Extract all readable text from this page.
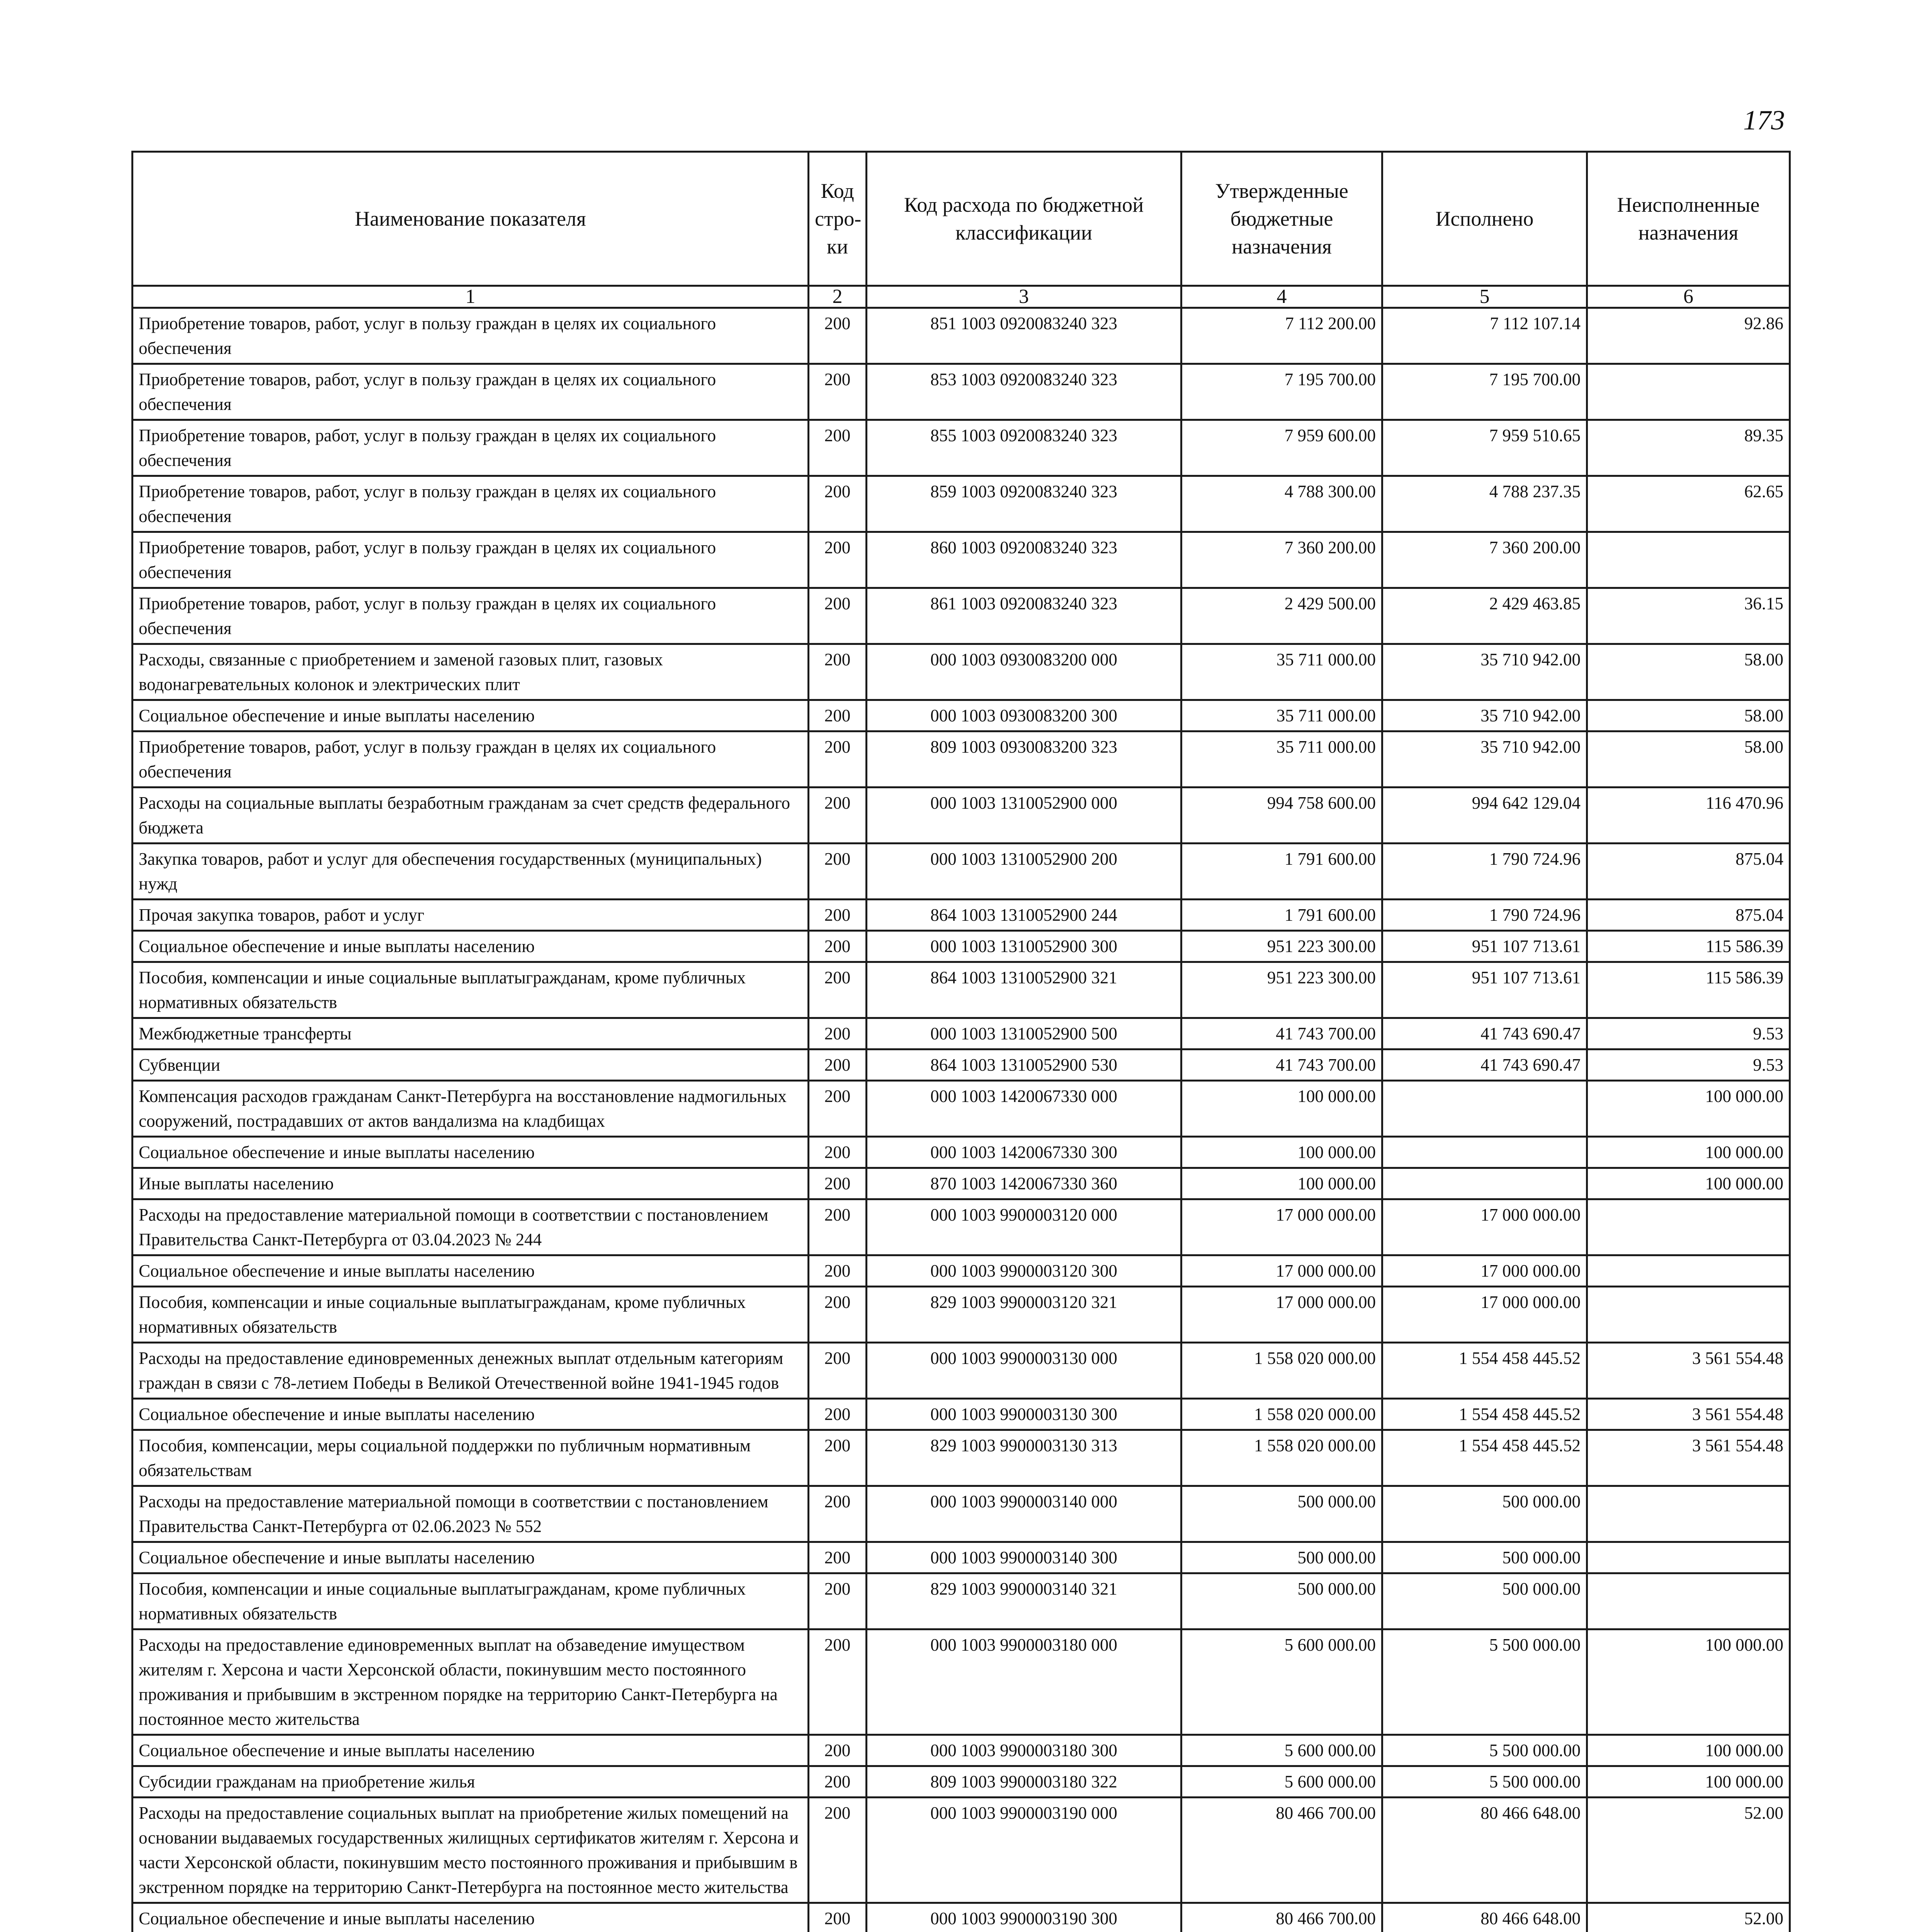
173
Наименование показателя	Код стро- ки	Код расхода по бюджетной классификации	Утвержденные бюджетные назначения	Исполнено	Неисполненные назначения
1	2	3	4	5	6
Приобретение товаров, работ, услуг в пользу граждан в целях их социального обеспечения	200	851 1003 0920083240 323	7 112 200.00	7 112 107.14	92.86
Приобретение товаров, работ, услуг в пользу граждан в целях их социального обеспечения	200	853 1003 0920083240 323	7 195 700.00	7 195 700.00	
Приобретение товаров, работ, услуг в пользу граждан в целях их социального обеспечения	200	855 1003 0920083240 323	7 959 600.00	7 959 510.65	89.35
Приобретение товаров, работ, услуг в пользу граждан в целях их социального обеспечения	200	859 1003 0920083240 323	4 788 300.00	4 788 237.35	62.65
Приобретение товаров, работ, услуг в пользу граждан в целях их социального обеспечения	200	860 1003 0920083240 323	7 360 200.00	7 360 200.00	
Приобретение товаров, работ, услуг в пользу граждан в целях их социального обеспечения	200	861 1003 0920083240 323	2 429 500.00	2 429 463.85	36.15
Расходы, связанные с приобретением и заменой газовых плит, газовых водонагревательных колонок и электрических плит	200	000 1003 0930083200 000	35 711 000.00	35 710 942.00	58.00
Социальное обеспечение и иные выплаты населению	200	000 1003 0930083200 300	35 711 000.00	35 710 942.00	58.00
Приобретение товаров, работ, услуг в пользу граждан в целях их социального обеспечения	200	809 1003 0930083200 323	35 711 000.00	35 710 942.00	58.00
Расходы на социальные выплаты безработным гражданам за счет средств федерального бюджета	200	000 1003 1310052900 000	994 758 600.00	994 642 129.04	116 470.96
Закупка товаров, работ и услуг для обеспечения государственных (муниципальных) нужд	200	000 1003 1310052900 200	1 791 600.00	1 790 724.96	875.04
Прочая закупка товаров, работ и услуг	200	864 1003 1310052900 244	1 791 600.00	1 790 724.96	875.04
Социальное обеспечение и иные выплаты населению	200	000 1003 1310052900 300	951 223 300.00	951 107 713.61	115 586.39
Пособия, компенсации и иные социальные выплатыгражданам, кроме публичных нормативных обязательств	200	864 1003 1310052900 321	951 223 300.00	951 107 713.61	115 586.39
Межбюджетные трансферты	200	000 1003 1310052900 500	41 743 700.00	41 743 690.47	9.53
Субвенции	200	864 1003 1310052900 530	41 743 700.00	41 743 690.47	9.53
Компенсация расходов гражданам Санкт-Петербурга на восстановление надмогильных сооружений, пострадавших от актов вандализма на кладбищах	200	000 1003 1420067330 000	100 000.00		100 000.00
Социальное обеспечение и иные выплаты населению	200	000 1003 1420067330 300	100 000.00		100 000.00
Иные выплаты населению	200	870 1003 1420067330 360	100 000.00		100 000.00
Расходы на предоставление материальной помощи в соответствии с постановлением Правительства Санкт-Петербурга от 03.04.2023 № 244	200	000 1003 9900003120 000	17 000 000.00	17 000 000.00	
Социальное обеспечение и иные выплаты населению	200	000 1003 9900003120 300	17 000 000.00	17 000 000.00	
Пособия, компенсации и иные социальные выплатыгражданам, кроме публичных нормативных обязательств	200	829 1003 9900003120 321	17 000 000.00	17 000 000.00	
Расходы на предоставление единовременных денежных выплат отдельным категориям граждан в связи с 78-летием Победы в Великой Отечественной войне 1941-1945 годов	200	000 1003 9900003130 000	1 558 020 000.00	1 554 458 445.52	3 561 554.48
Социальное обеспечение и иные выплаты населению	200	000 1003 9900003130 300	1 558 020 000.00	1 554 458 445.52	3 561 554.48
Пособия, компенсации, меры социальной поддержки по публичным нормативным обязательствам	200	829 1003 9900003130 313	1 558 020 000.00	1 554 458 445.52	3 561 554.48
Расходы на предоставление материальной помощи в соответствии с постановлением Правительства Санкт-Петербурга от 02.06.2023 № 552	200	000 1003 9900003140 000	500 000.00	500 000.00	
Социальное обеспечение и иные выплаты населению	200	000 1003 9900003140 300	500 000.00	500 000.00	
Пособия, компенсации и иные социальные выплатыгражданам, кроме публичных нормативных обязательств	200	829 1003 9900003140 321	500 000.00	500 000.00	
Расходы на предоставление единовременных выплат на обзаведение имуществом жителям г. Херсона и части Херсонской области, покинувшим место постоянного проживания и прибывшим в экстренном порядке на территорию Санкт-Петербурга на постоянное место жительства	200	000 1003 9900003180 000	5 600 000.00	5 500 000.00	100 000.00
Социальное обеспечение и иные выплаты населению	200	000 1003 9900003180 300	5 600 000.00	5 500 000.00	100 000.00
Субсидии гражданам на приобретение жилья	200	809 1003 9900003180 322	5 600 000.00	5 500 000.00	100 000.00
Расходы на предоставление социальных выплат на приобретение жилых помещений на основании выдаваемых государственных жилищных сертификатов жителям г. Херсона и части Херсонской области, покинувшим место постоянного проживания и прибывшим в экстренном порядке на территорию Санкт-Петербурга на постоянное место жительства	200	000 1003 9900003190 000	80 466 700.00	80 466 648.00	52.00
Социальное обеспечение и иные выплаты населению	200	000 1003 9900003190 300	80 466 700.00	80 466 648.00	52.00
